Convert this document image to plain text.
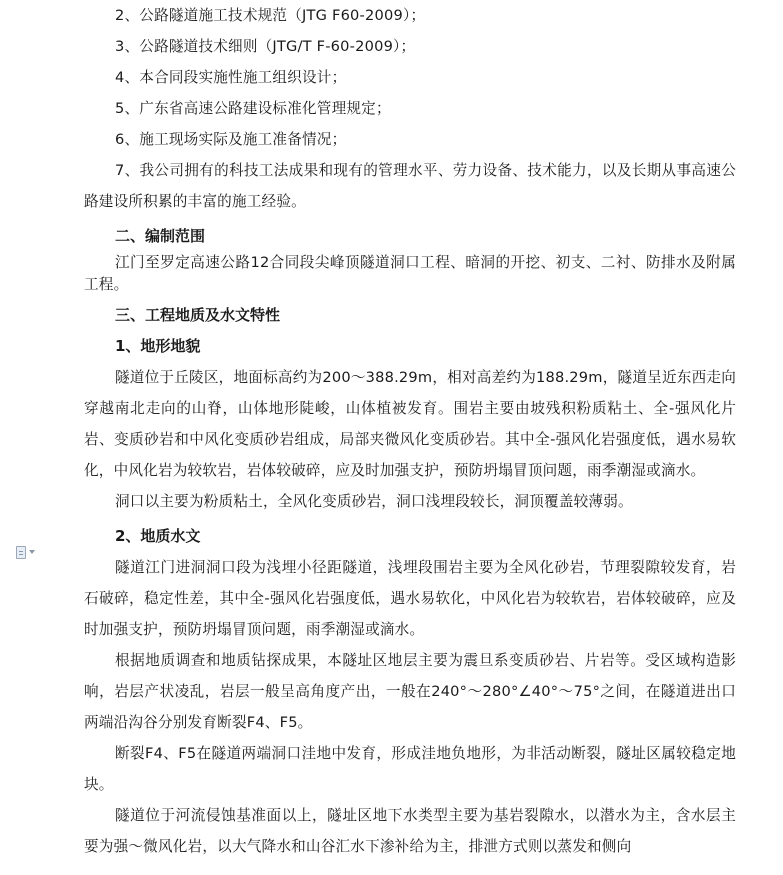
2、公路隧道施工技术规范（JTG F60-2009）；

3、公路隧道技术细则（JTG/T F-60-2009）；

4、本合同段实施性施工组织设计；

5、广东省高速公路建设标准化管理规定；

6、施工现场实际及施工准备情况；

7、我公司拥有的科技工法成果和现有的管理水平、劳力设备、技术能力，以及长期从事高速公路建设所积累的丰富的施工经验。

二、编制范围

江门至罗定高速公路12合同段尖峰顶隧道洞口工程、暗洞的开挖、初支、二衬、防排水及附属工程。

三、工程地质及水文特性

1、地形地貌

隧道位于丘陵区，地面标高约为200～388.29m，相对高差约为188.29m，隧道呈近东西走向穿越南北走向的山脊，山体地形陡峻，山体植被发育。围岩主要由坡残积粉质粘土、全-强风化片岩、变质砂岩和中风化变质砂岩组成，局部夹微风化变质砂岩。其中全-强风化岩强度低，遇水易软化，中风化岩为较软岩，岩体较破碎，应及时加强支护，预防坍塌冒顶问题，雨季潮湿或滴水。

洞口以主要为粉质粘土，全风化变质砂岩，洞口浅埋段较长，洞顶覆盖较薄弱。

2、地质水文

隧道江门进洞洞口段为浅埋小径距隧道，浅埋段围岩主要为全风化砂岩，节理裂隙较发育，岩石破碎，稳定性差，其中全-强风化岩强度低，遇水易软化，中风化岩为较软岩，岩体较破碎，应及时加强支护，预防坍塌冒顶问题，雨季潮湿或滴水。

根据地质调查和地质钻探成果，本隧址区地层主要为震旦系变质砂岩、片岩等。受区域构造影响，岩层产状凌乱，岩层一般呈高角度产出，一般在240°～280°∠40°～75°之间，在隧道进出口两端沿沟谷分别发育断裂F4、F5。

断裂F4、F5在隧道两端洞口洼地中发育，形成洼地负地形，为非活动断裂，隧址区属较稳定地块。

隧道位于河流侵蚀基准面以上，隧址区地下水类型主要为基岩裂隙水，以潜水为主，含水层主要为强～微风化岩，以大气降水和山谷汇水下渗补给为主，排泄方式则以蒸发和侧向
